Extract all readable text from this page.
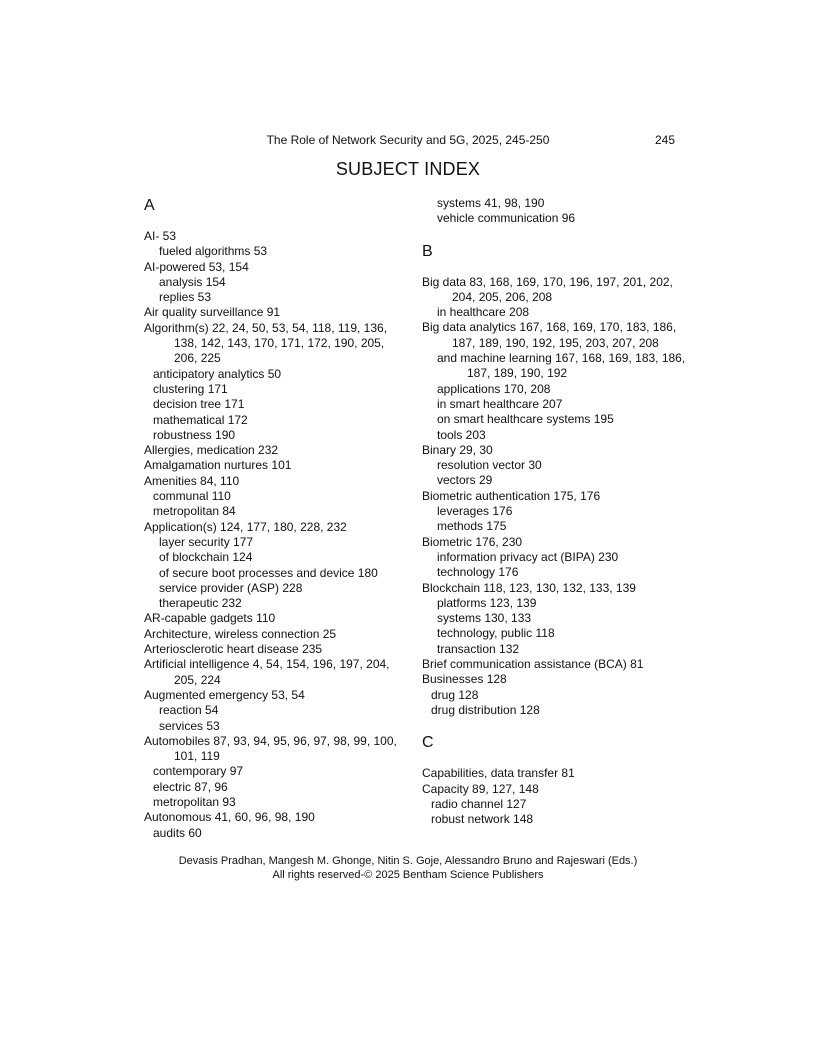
The Role of Network Security and 5G, 2025, 245-250	245
SUBJECT INDEX
A
AI- 53
fueled algorithms 53
AI-powered 53, 154
analysis 154
replies 53
Air quality surveillance 91
Algorithm(s) 22, 24, 50, 53, 54, 118, 119, 136, 138, 142, 143, 170, 171, 172, 190, 205, 206, 225
anticipatory analytics 50
clustering 171
decision tree 171
mathematical 172
robustness 190
Allergies, medication 232
Amalgamation nurtures 101
Amenities 84, 110
communal 110
metropolitan 84
Application(s) 124, 177, 180, 228, 232
layer security 177
of blockchain 124
of secure boot processes and device 180
service provider (ASP) 228
therapeutic 232
AR-capable gadgets 110
Architecture, wireless connection 25
Arteriosclerotic heart disease 235
Artificial intelligence 4, 54, 154, 196, 197, 204, 205, 224
Augmented emergency 53, 54
reaction 54
services 53
Automobiles 87, 93, 94, 95, 96, 97, 98, 99, 100, 101, 119
contemporary 97
electric 87, 96
metropolitan 93
Autonomous 41, 60, 96, 98, 190
audits 60
systems 41, 98, 190
vehicle communication 96
B
Big data 83, 168, 169, 170, 196, 197, 201, 202, 204, 205, 206, 208
in healthcare 208
Big data analytics 167, 168, 169, 170, 183, 186, 187, 189, 190, 192, 195, 203, 207, 208
and machine learning 167, 168, 169, 183, 186, 187, 189, 190, 192
applications 170, 208
in smart healthcare 207
on smart healthcare systems 195
tools 203
Binary 29, 30
resolution vector 30
vectors 29
Biometric authentication 175, 176
leverages 176
methods 175
Biometric 176, 230
information privacy act (BIPA) 230
technology 176
Blockchain 118, 123, 130, 132, 133, 139
platforms 123, 139
systems 130, 133
technology, public 118
transaction 132
Brief communication assistance (BCA) 81
Businesses 128
drug 128
drug distribution 128
C
Capabilities, data transfer 81
Capacity 89, 127, 148
radio channel 127
robust network 148
Devasis Pradhan, Mangesh M. Ghonge, Nitin S. Goje, Alessandro Bruno and Rajeswari (Eds.)
All rights reserved-© 2025 Bentham Science Publishers
